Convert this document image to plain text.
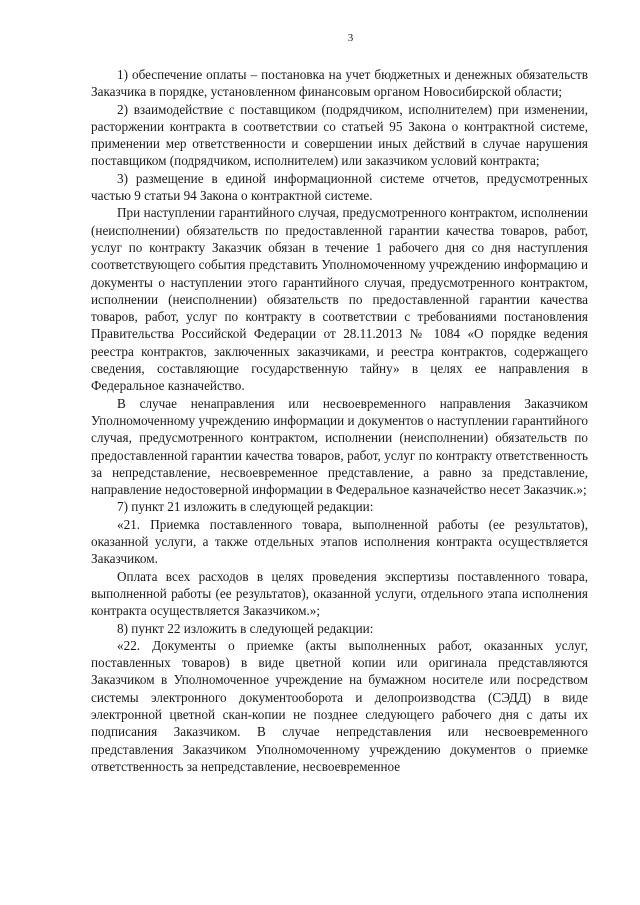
3

1) обеспечение оплаты – постановка на учет бюджетных и денежных обязательств Заказчика в порядке, установленном финансовым органом Новосибирской области;

2) взаимодействие с поставщиком (подрядчиком, исполнителем) при изменении, расторжении контракта в соответствии со статьей 95 Закона о контрактной системе, применении мер ответственности и совершении иных действий в случае нарушения поставщиком (подрядчиком, исполнителем) или заказчиком условий контракта;

3) размещение в единой информационной системе отчетов, предусмотренных частью 9 статьи 94 Закона о контрактной системе.

При наступлении гарантийного случая, предусмотренного контрактом, исполнении (неисполнении) обязательств по предоставленной гарантии качества товаров, работ, услуг по контракту Заказчик обязан в течение 1 рабочего дня со дня наступления соответствующего события представить Уполномоченному учреждению информацию и документы о наступлении этого гарантийного случая, предусмотренного контрактом, исполнении (неисполнении) обязательств по предоставленной гарантии качества товаров, работ, услуг по контракту в соответствии с требованиями постановления Правительства Российской Федерации от 28.11.2013 № 1084 «О порядке ведения реестра контрактов, заключенных заказчиками, и реестра контрактов, содержащего сведения, составляющие государственную тайну» в целях ее направления в Федеральное казначейство.

В случае ненаправления или несвоевременного направления Заказчиком Уполномоченному учреждению информации и документов о наступлении гарантийного случая, предусмотренного контрактом, исполнении (неисполнении) обязательств по предоставленной гарантии качества товаров, работ, услуг по контракту ответственность за непредставление, несвоевременное представление, а равно за представление, направление недостоверной информации в Федеральное казначейство несет Заказчик.»;

7) пункт 21 изложить в следующей редакции:

«21. Приемка поставленного товара, выполненной работы (ее результатов), оказанной услуги, а также отдельных этапов исполнения контракта осуществляется Заказчиком.

Оплата всех расходов в целях проведения экспертизы поставленного товара, выполненной работы (ее результатов), оказанной услуги, отдельного этапа исполнения контракта осуществляется Заказчиком.»;

8) пункт 22 изложить в следующей редакции:

«22. Документы о приемке (акты выполненных работ, оказанных услуг, поставленных товаров) в виде цветной копии или оригинала представляются Заказчиком в Уполномоченное учреждение на бумажном носителе или посредством системы электронного документооборота и делопроизводства (СЭДД) в виде электронной цветной скан-копии не позднее следующего рабочего дня с даты их подписания Заказчиком. В случае непредставления или несвоевременного представления Заказчиком Уполномоченному учреждению документов о приемке ответственность за непредставление, несвоевременное
